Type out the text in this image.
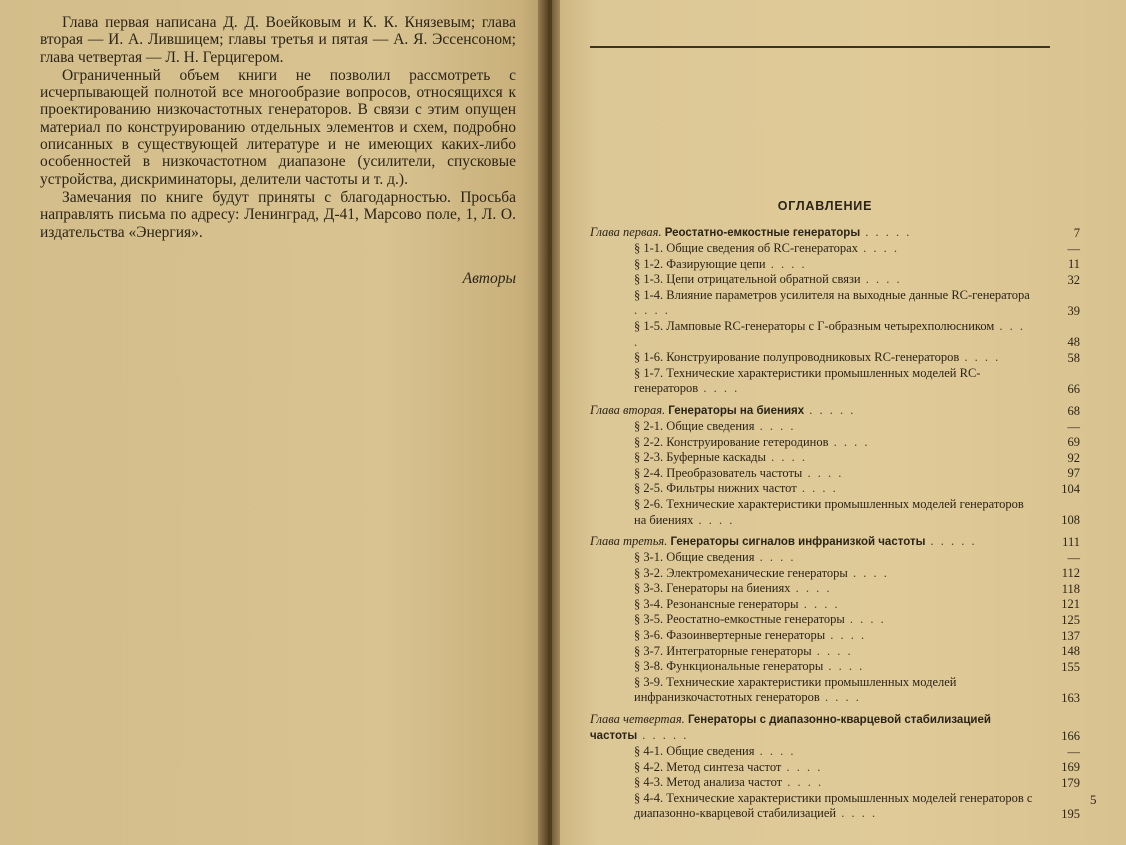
Глава первая написана Д. Д. Воейковым и К. К. Князевым; глава вторая — И. А. Лившицем; главы третья и пятая — А. Я. Эссенсоном; глава четвертая — Л. Н. Герцигером.

Ограниченный объем книги не позволил рассмотреть с исчерпывающей полнотой все многообразие вопросов, относящихся к проектированию низкочастотных генераторов. В связи с этим опущен материал по конструированию отдельных элементов и схем, подробно описанных в существующей литературе и не имеющих каких-либо особенностей в низкочастотном диапазоне (усилители, спусковые устройства, дискриминаторы, делители частоты и т. д.).

Замечания по книге будут приняты с благодарностью. Просьба направлять письма по адресу: Ленинград, Д-41, Марсово поле, 1, Л. О. издательства «Энергия».

Авторы
ОГЛАВЛЕНИЕ
Глава первая. Реостатно-емкостные генераторы . . . . .	7
§ 1-1. Общие сведения об RC-генераторах . . . .	—
§ 1-2. Фазирующие цепи . . . .	11
§ 1-3. Цепи отрицательной обратной связи . . . .	32
§ 1-4. Влияние параметров усилителя на выходные данные RC-генератора . . . .	39
§ 1-5. Ламповые RC-генераторы с Г-образным четырехполюсником . . . .	48
§ 1-6. Конструирование полупроводниковых RC-генераторов . . . .	58
§ 1-7. Технические характеристики промышленных моделей RC-генераторов . . . .	66
Глава вторая. Генераторы на биениях . . . . .	68
§ 2-1. Общие сведения . . . .	—
§ 2-2. Конструирование гетеродинов . . . .	69
§ 2-3. Буферные каскады . . . .	92
§ 2-4. Преобразователь частоты . . . .	97
§ 2-5. Фильтры нижних частот . . . .	104
§ 2-6. Технические характеристики промышленных моделей генераторов на биениях . . . .	108
Глава третья. Генераторы сигналов инфранизкой частоты . . . . .	111
§ 3-1. Общие сведения . . . .	—
§ 3-2. Электромеханические генераторы . . . .	112
§ 3-3. Генераторы на биениях . . . .	118
§ 3-4. Резонансные генераторы . . . .	121
§ 3-5. Реостатно-емкостные генераторы . . . .	125
§ 3-6. Фазоинвертерные генераторы . . . .	137
§ 3-7. Интеграторные генераторы . . . .	148
§ 3-8. Функциональные генераторы . . . .	155
§ 3-9. Технические характеристики промышленных моделей инфранизкочастотных генераторов . . . .	163
Глава четвертая. Генераторы с диапазонно-кварцевой стабилизацией частоты . . . . .	166
§ 4-1. Общие сведения . . . .	—
§ 4-2. Метод синтеза частот . . . .	169
§ 4-3. Метод анализа частот . . . .	179
§ 4-4. Технические характеристики промышленных моделей генераторов с диапазонно-кварцевой стабилизацией . . . .	195
5
